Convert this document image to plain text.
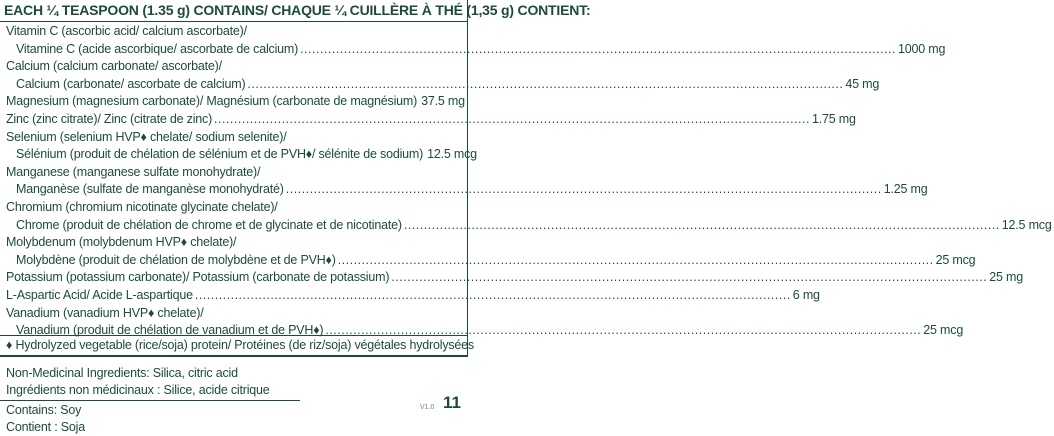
EACH ¼ TEASPOON (1.35 g) CONTAINS/ CHAQUE ¼ CUILLÈRE À THÉ (1,35 g) CONTIENT:
Vitamin C (ascorbic acid/ calcium ascorbate)/
Vitamine C (acide ascorbique/ ascorbate de calcium) .....	1000 mg
Calcium (calcium carbonate/ ascorbate)/
Calcium (carbonate/ ascorbate de calcium) .....	45 mg
Magnesium (magnesium carbonate)/ Magnésium (carbonate de magnésium) 37.5 mg
Zinc (zinc citrate)/ Zinc (citrate de zinc) .....	1.75 mg
Selenium (selenium HVP♦ chelate/ sodium selenite)/
Sélénium (produit de chélation de sélénium et de PVH♦/ sélénite de sodium) 12.5 mcg
Manganese (manganese sulfate monohydrate)/
Manganèse (sulfate de manganèse monohydraté) .....	1.25 mg
Chromium (chromium nicotinate glycinate chelate)/
Chrome (produit de chélation de chrome et de glycinate et de nicotinate) .....	12.5 mcg
Molybdenum (molybdenum HVP♦ chelate)/
Molybdène (produit de chélation de molybdène et de PVH♦) .....	25 mcg
Potassium (potassium carbonate)/ Potassium (carbonate de potassium) .....	25 mg
L-Aspartic Acid/ Acide L-aspartique .....	6 mg
Vanadium (vanadium HVP♦ chelate)/
Vanadium (produit de chélation de vanadium et de PVH♦) .....	25 mcg
♦ Hydrolyzed vegetable (rice/soja) protein/ Protéines (de riz/soja) végétales hydrolysées
Non-Medicinal Ingredients: Silica, citric acid
Ingrédients non médicinaux : Silice, acide citrique
Contains: Soy
Contient : Soja
V1.0 11
